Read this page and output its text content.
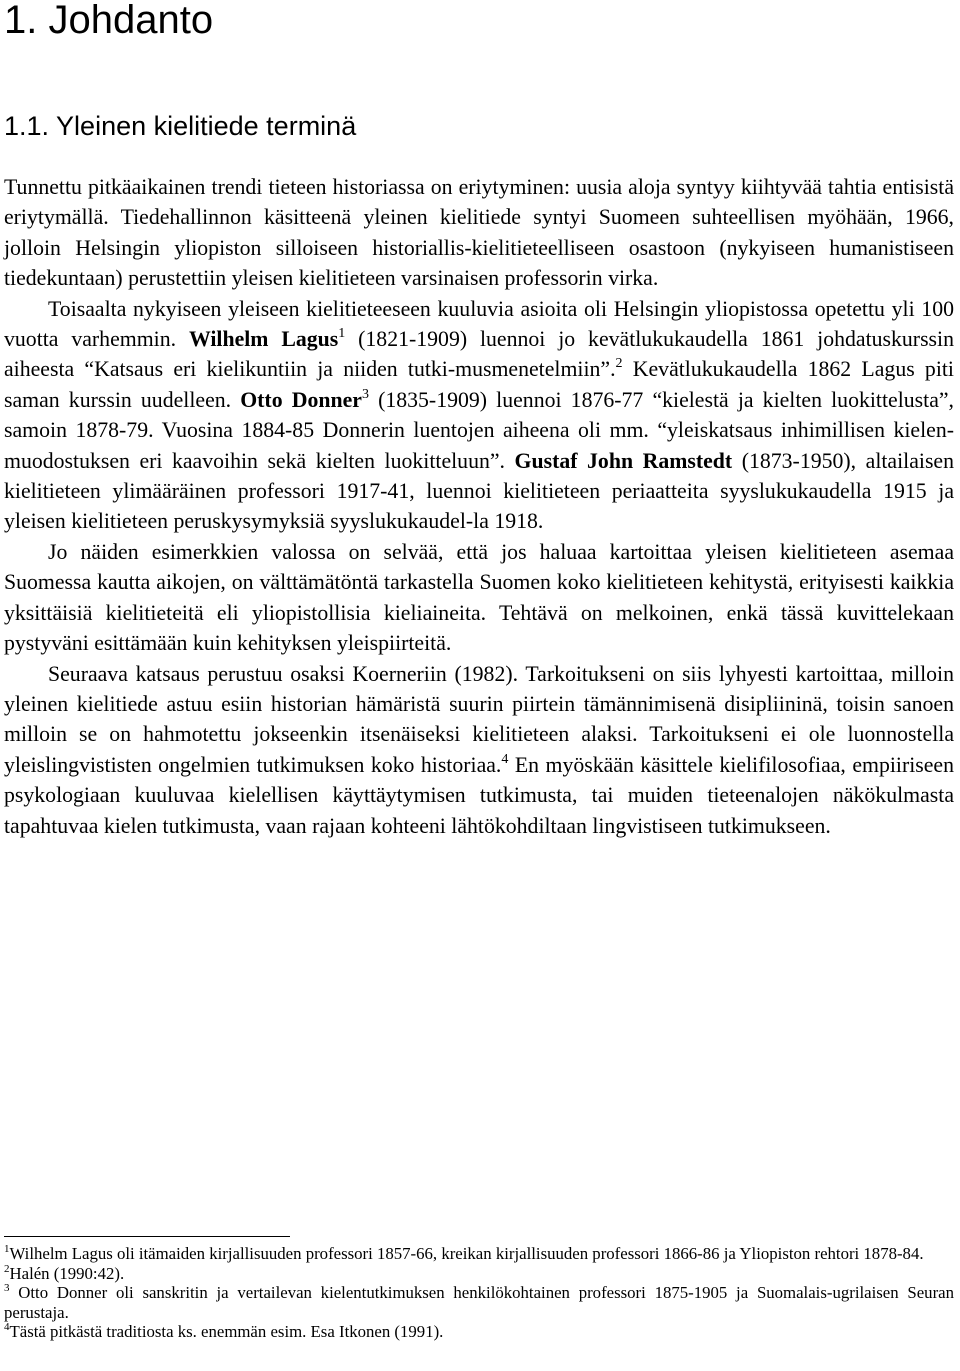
1. Johdanto
1.1. Yleinen kielitiede terminä

Tunnettu pitkäaikainen trendi tieteen historiassa on eriytyminen: uusia aloja syntyy kiihtyvää tahtia entisistä eriytymällä. Tiedehallinnon käsitteenä yleinen kielitiede syntyi Suomeen suhteellisen myöhään, 1966, jolloin Helsingin yliopiston silloiseen historiallis-kielitieteelliseen osastoon (nykyiseen humanistiseen tiedekuntaan) perustettiin yleisen kielitieteen varsinaisen professorin virka.

Toisaalta nykyiseen yleiseen kielitieteeseen kuuluvia asioita oli Helsingin yliopistossa opetettu yli 100 vuotta varhemmin. Wilhelm Lagus$^1$ (1821-1909) luennoi jo kevätlukukaudella 1861 johdatuskurssin aiheesta “Katsaus eri kielikuntiin ja niiden tutki-musmenetelmiin”.$^2$ Kevätlukukaudella 1862 Lagus piti saman kurssin uudelleen. Otto Donner$^3$ (1835-1909) luennoi 1876-77 “kielestä ja kielten luokittelusta”, samoin 1878-79. Vuosina 1884-85 Donnerin luentojen aiheena oli mm. “yleiskatsaus inhimillisen kielen-muodostuksen eri kaavoihin sekä kielten luokitteluun”. Gustaf John Ramstedt (1873-1950), altailaisen kielitieteen ylimääräinen professori 1917-41, luennoi kielitieteen periaatteita syyslukukaudella 1915 ja yleisen kielitieteen peruskysymyksiä syyslukukaudel-la 1918.

Jo näiden esimerkkien valossa on selvää, että jos haluaa kartoittaa yleisen kielitieteen asemaa Suomessa kautta aikojen, on välttämätöntä tarkastella Suomen koko kielitieteen kehitystä, erityisesti kaikkia yksittäisiä kielitieteitä eli yliopistollisia kieliaineita. Tehtävä on melkoinen, enkä tässä kuvittelekaan pystyväni esittämään kuin kehityksen yleispiirteitä.

Seuraava katsaus perustuu osaksi Koerneriin (1982). Tarkoitukseni on siis lyhyesti kartoittaa, milloin yleinen kielitiede astuu esiin historian hämäristä suurin piirtein tämännimisenä disipliininä, toisin sanoen milloin se on hahmotettu jokseenkin itsenäiseksi kielitieteen alaksi. Tarkoitukseni ei ole luonnostella yleislingvististen ongelmien tutkimuksen koko historiaa.$^4$ En myöskään käsittele kielifilosofiaa, empiiriseen psykologiaan kuuluvaa kielellisen käyttäytymisen tutkimusta, tai muiden tieteenalojen näkökulmasta tapahtuvaa kielen tutkimusta, vaan rajaan kohteeni lähtökohdiltaan lingvistiseen tutkimukseen.

$^1$Wilhelm Lagus oli itämaiden kirjallisuuden professori 1857-66, kreikan kirjallisuuden professori 1866-86 ja Yliopiston rehtori 1878-84.

$^2$Halén (1990:42).

$^3$ Otto Donner oli sanskritin ja vertailevan kielentutkimuksen henkilökohtainen professori 1875-1905 ja Suomalais-ugrilaisen Seuran perustaja.

$^4$Tästä pitkästä traditiosta ks. enemmän esim. Esa Itkonen (1991).
